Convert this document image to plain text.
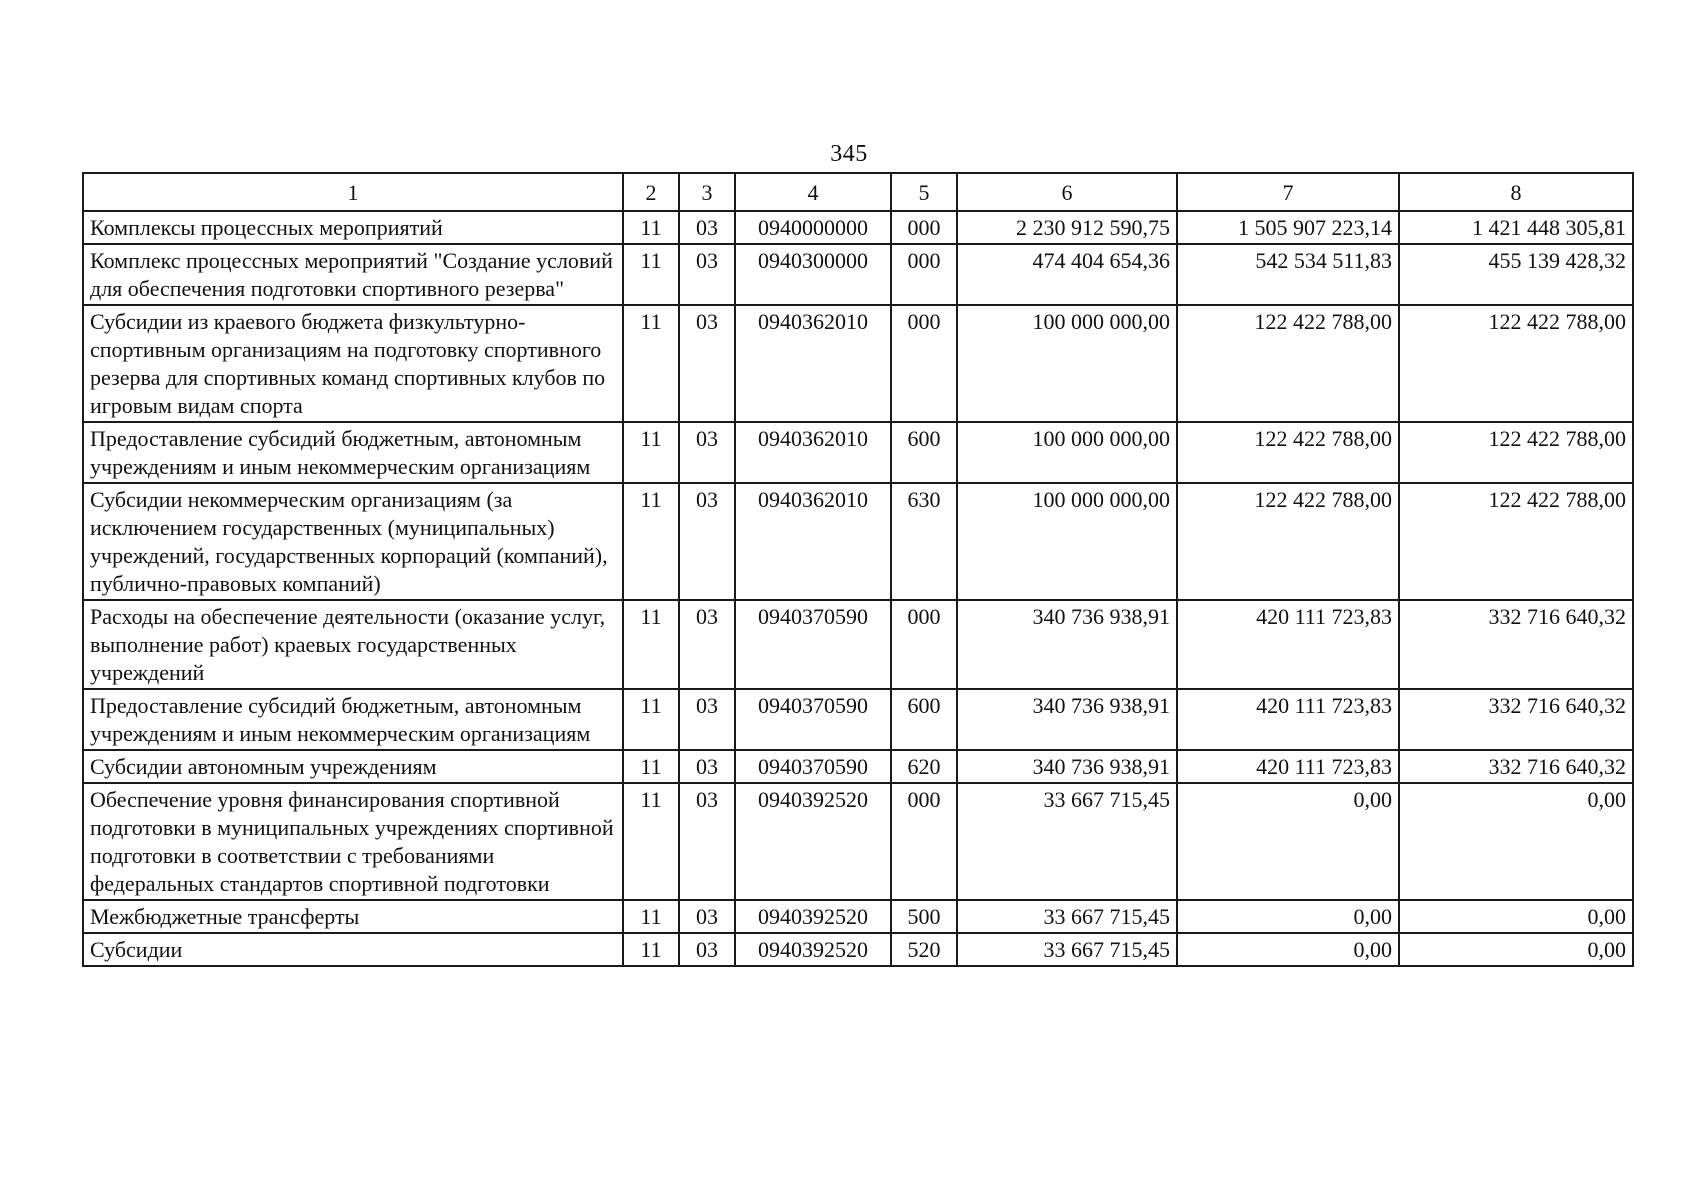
345
1	2	3	4	5	6	7	8
Комплексы процессных мероприятий	11	03	0940000000	000	2 230 912 590,75	1 505 907 223,14	1 421 448 305,81
Комплекс процессных мероприятий "Создание условий для обеспечения подготовки спортивного резерва"	11	03	0940300000	000	474 404 654,36	542 534 511,83	455 139 428,32
Субсидии из краевого бюджета физкультурно-спортивным организациям на подготовку спортивного резерва для спортивных команд спортивных клубов по игровым видам спорта	11	03	0940362010	000	100 000 000,00	122 422 788,00	122 422 788,00
Предоставление субсидий бюджетным, автономным учреждениям и иным некоммерческим организациям	11	03	0940362010	600	100 000 000,00	122 422 788,00	122 422 788,00
Субсидии некоммерческим организациям (за исключением государственных (муниципальных) учреждений, государственных корпораций (компаний), публично-правовых компаний)	11	03	0940362010	630	100 000 000,00	122 422 788,00	122 422 788,00
Расходы на обеспечение деятельности (оказание услуг, выполнение работ) краевых государственных учреждений	11	03	0940370590	000	340 736 938,91	420 111 723,83	332 716 640,32
Предоставление субсидий бюджетным, автономным учреждениям и иным некоммерческим организациям	11	03	0940370590	600	340 736 938,91	420 111 723,83	332 716 640,32
Субсидии автономным учреждениям	11	03	0940370590	620	340 736 938,91	420 111 723,83	332 716 640,32
Обеспечение уровня финансирования спортивной подготовки в муниципальных учреждениях спортивной подготовки в соответствии с требованиями федеральных стандартов спортивной подготовки	11	03	0940392520	000	33 667 715,45	0,00	0,00
Межбюджетные трансферты	11	03	0940392520	500	33 667 715,45	0,00	0,00
Субсидии	11	03	0940392520	520	33 667 715,45	0,00	0,00
